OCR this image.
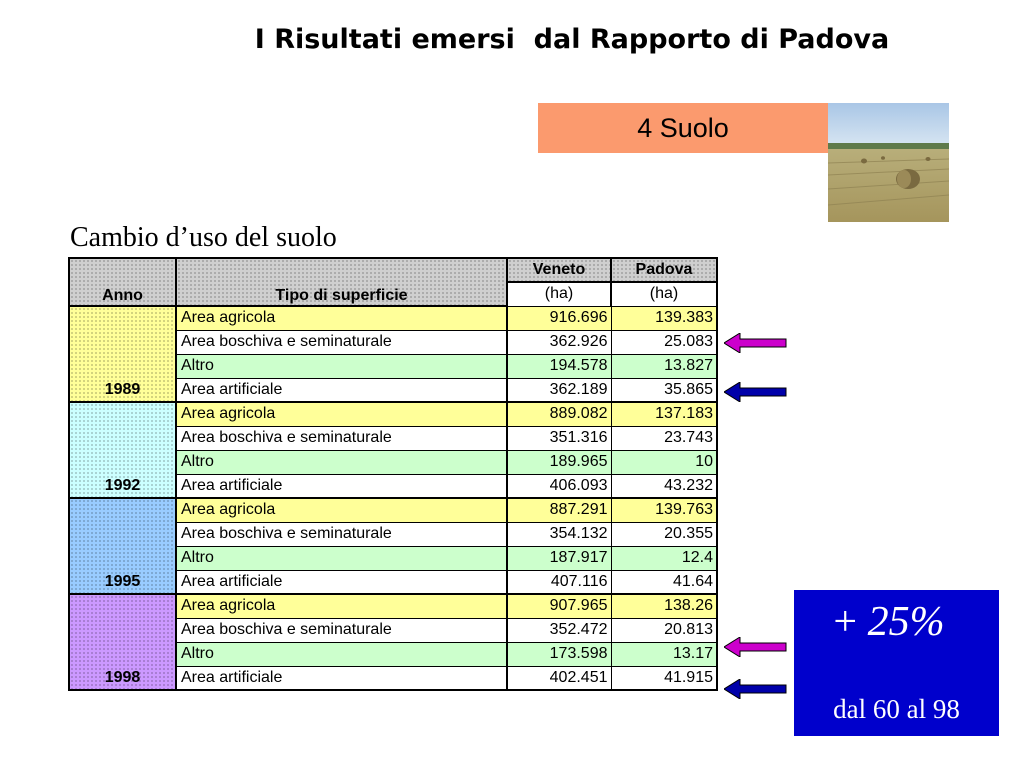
I Risultati emersi  dal Rapporto di Padova
4 Suolo
Cambio d’uso del suolo
Anno	Tipo di superficie	Veneto	Padova
		(ha)	(ha)
1989	Area agricola	916.696	139.383
	Area boschiva e seminaturale	362.926	25.083
	Altro	194.578	13.827
	Area artificiale	362.189	35.865
1992	Area agricola	889.082	137.183
	Area boschiva e seminaturale	351.316	23.743
	Altro	189.965	10
	Area artificiale	406.093	43.232
1995	Area agricola	887.291	139.763
	Area boschiva e seminaturale	354.132	20.355
	Altro	187.917	12.4
	Area artificiale	407.116	41.64
1998	Area agricola	907.965	138.26
	Area boschiva e seminaturale	352.472	20.813
	Altro	173.598	13.17
	Area artificiale	402.451	41.915
+ 25%
dal 60 al 98
